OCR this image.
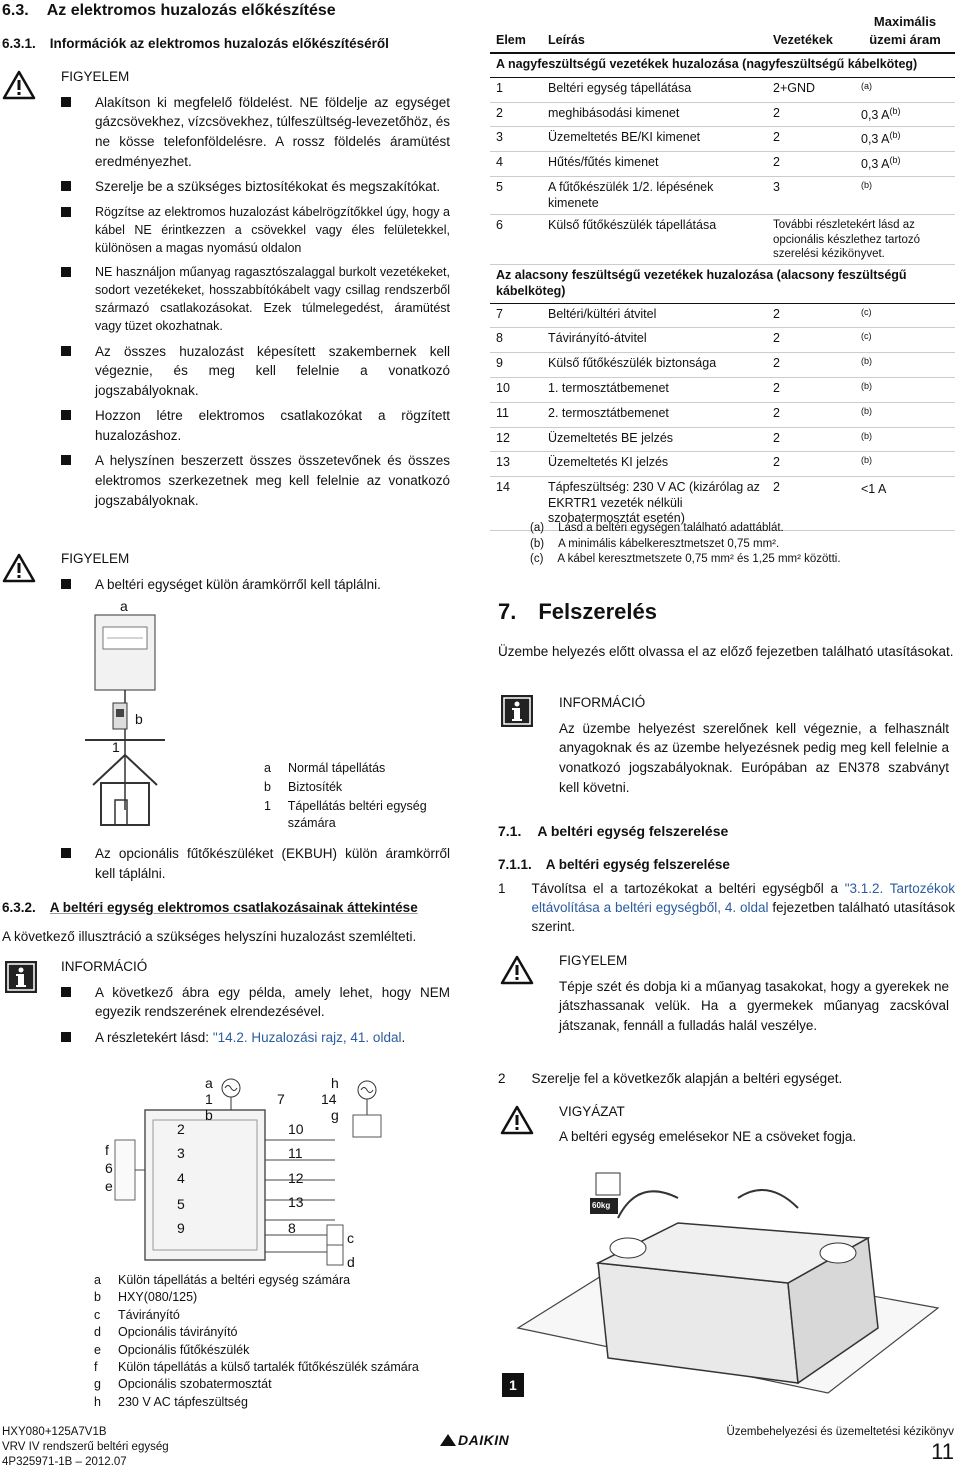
6.3. Az elektromos huzalozás előkészítése
6.3.1. Információk az elektromos huzalozás előkészítéséről
FIGYELEM
Alakítson ki megfelelő földelést. NE földelje az egységet gázcsövekhez, vízcsövekhez, túlfeszültség-levezetőhöz, és ne kösse telefonföldelésre. A rossz földelés áramütést eredményezhet.
Szerelje be a szükséges biztosítékokat és megszakítókat.
Rögzítse az elektromos huzalozást kábelrögzítőkkel úgy, hogy a kábel NE érintkezzen a csövekkel vagy éles felületekkel, különösen a magas nyomású oldalon
NE használjon műanyag ragasztószalaggal burkolt vezetékeket, sodort vezetékeket, hosszabbítókábelt vagy csillag rendszerből származó csatlakozásokat. Ezek túlmelegedést, áramütést vagy tüzet okozhatnak.
Az összes huzalozást képesített szakembernek kell végeznie, és meg kell felelnie a vonatkozó jogszabályoknak.
Hozzon létre elektromos csatlakozókat a rögzített huzalozáshoz.
A helyszínen beszerzett összes összetevőnek és összes elektromos szerkezetnek meg kell felelnie az vonatkozó jogszabályoknak.
FIGYELEM
A beltéri egységet külön áramkörről kell táplálni.
a
b
1
a	Normál tápellátás
b	Biztosíték
1	Tápellátás beltéri egység számára
Az opcionális fűtőkészüléket (EKBUH) külön áramkörről kell táplálni.
6.3.2. A beltéri egység elektromos csatlakozásainak áttekintése
A következő illusztráció a szükséges helyszíni huzalozást szemlélteti.
INFORMÁCIÓ
A következő ábra egy példa, amely lehet, hogy NEM egyezik rendszerének elrendezésével.
A részletekért lásd: "14.2. Huzalozási rajz, 41. oldal.
f
6
e
2
3
4
5
9
a
1
b
7
10
11
12
13
8
h
14
g
c
d
a	Külön tápellátás a beltéri egység számára
b	HXY(080/125)
c	Távirányító
d	Opcionális távirányító
e	Opcionális fűtőkészülék
f	Külön tápellátás a külső tartalék fűtőkészülék számára
g	Opcionális szobatermosztát
h	230 V AC tápfeszültség
Elem	Leírás	Vezetékek	Maximális üzemi áram
A nagyfeszültségű vezetékek huzalozása (nagyfeszültségű kábelköteg)			
1	Beltéri egység tápellátása	2+GND	$^{(a)}$
2	meghibásodási kimenet	2	0,3 $A^{(b)}$
3	Üzemeltetés BE/KI kimenet	2	0,3 $A^{(b)}$
4	Hűtés/fűtés kimenet	2	0,3 $A^{(b)}$
5	A fűtőkészülék 1/2. lépésének kimenete	3	$^{(b)}$
6	Külső fűtőkészülék tápellátása	További részletekért lásd az opcionális készlethez tartozó szerelési kézikönyvet.	
Az alacsony feszültségű vezetékek huzalozása (alacsony feszültségű kábelköteg)			
7	Beltéri/kültéri átvitel	2	$^{(c)}$
8	Távirányító-átvitel	2	$^{(c)}$
9	Külső fűtőkészülék biztonsága	2	$^{(b)}$
10	1. termosztátbemenet	2	$^{(b)}$
11	2. termosztátbemenet	2	$^{(b)}$
12	Üzemeltetés BE jelzés	2	$^{(b)}$
13	Üzemeltetés KI jelzés	2	$^{(b)}$
14	Tápfeszültség: 230 V AC (kizárólag az EKRTR1 vezeték nélküli szobatermosztát esetén)	2	<1 A
(a) Lásd a beltéri egységen található adattáblát.
(b) A minimális kábelkeresztmetszet 0,75 mm².
(c) A kábel keresztmetszete 0,75 mm² és 1,25 mm² közötti.
7. Felszerelés
Üzembe helyezés előtt olvassa el az előző fejezetben található utasításokat.
INFORMÁCIÓ
Az üzembe helyezést szerelőnek kell végeznie, a felhasznált anyagoknak és az üzembe helyezésnek pedig meg kell felelnie a vonatkozó jogszabályoknak. Európában az EN378 szabványt kell követni.
7.1. A beltéri egység felszerelése
7.1.1. A beltéri egység felszerelése
1 Távolítsa el a tartozékokat a beltéri egységből a "3.1.2. Tartozékok eltávolítása a beltéri egységből, 4. oldal fejezetben található utasítások szerint.
FIGYELEM
Tépje szét és dobja ki a műanyag tasakokat, hogy a gyerekek ne játszhassanak velük. Ha a gyermekek műanyag zacskóval játszanak, fennáll a fulladás halál veszélye.
2 Szerelje fel a következők alapján a beltéri egységet.
VIGYÁZAT
A beltéri egység emelésekor NE a csöveket fogja.
60kg
1
HXY080+125A7V1B
VRV IV rendszerű beltéri egység
4P325971-1B – 2012.07
DAIKIN	Üzembehelyezési és üzemeltetési kézikönyv
11
